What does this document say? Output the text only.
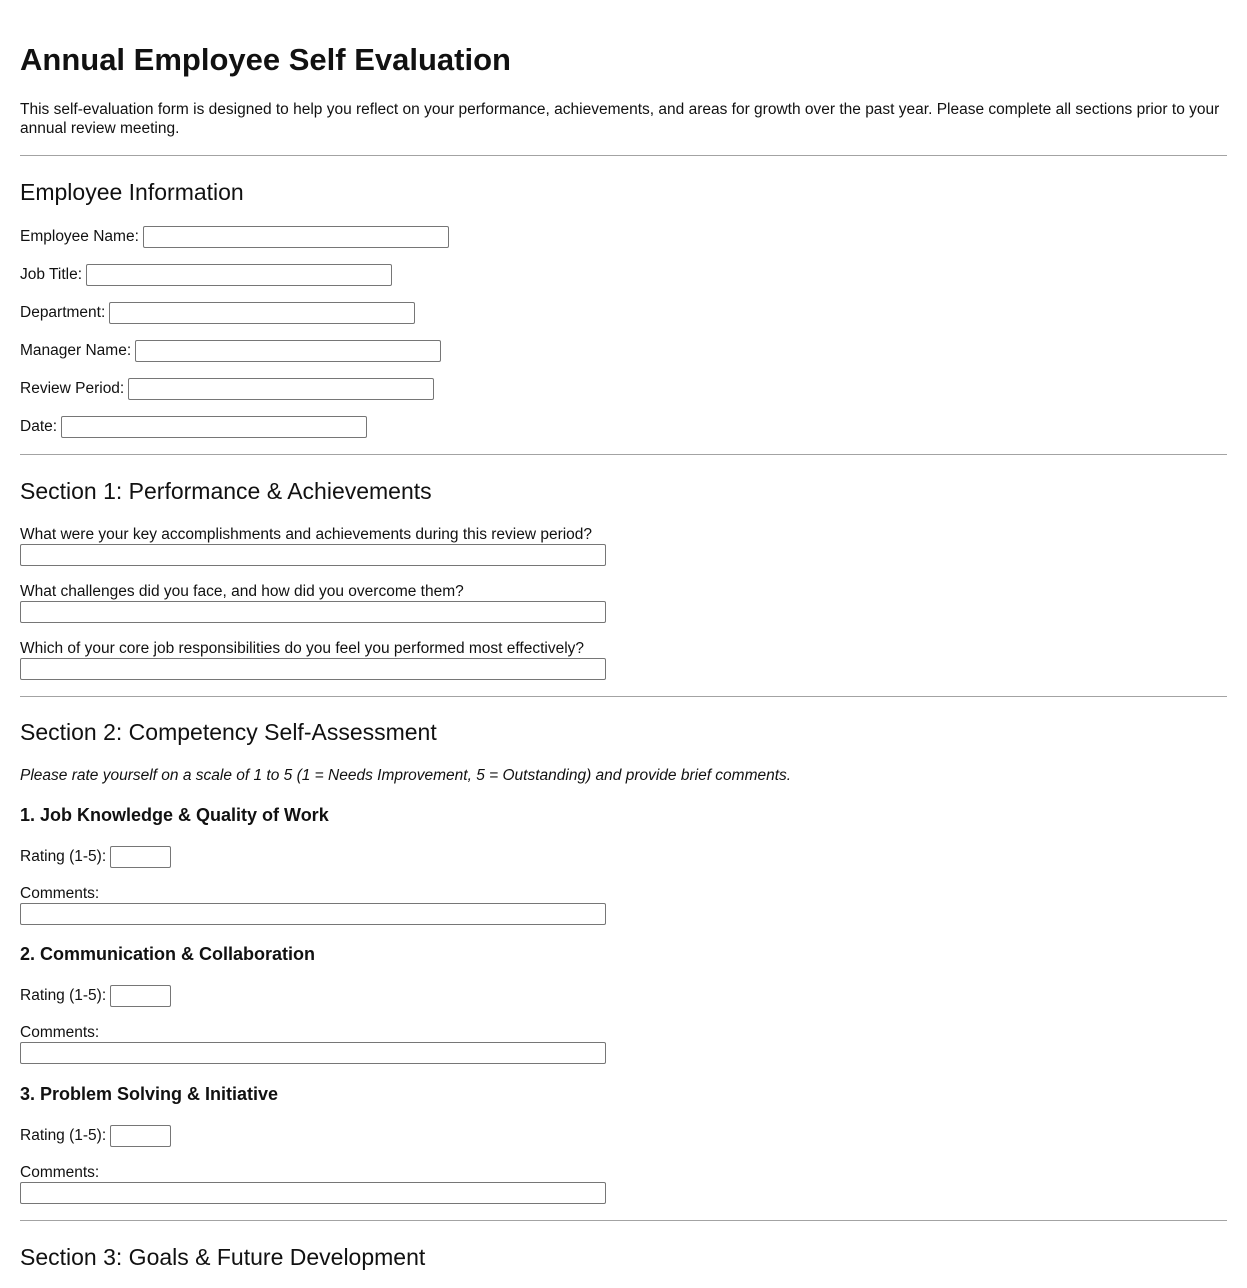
Annual Employee Self Evaluation

This self-evaluation form is designed to help you reflect on your performance, achievements, and areas for growth over the past year. Please complete all sections prior to your annual review meeting.

Employee Information
Employee Name:
Job Title:
Department:
Manager Name:
Review Period:
Date:
Section 1: Performance & Achievements
What were your key accomplishments and achievements during this review period?
What challenges did you face, and how did you overcome them?
Which of your core job responsibilities do you feel you performed most effectively?
Section 2: Competency Self-Assessment

Please rate yourself on a scale of 1 to 5 (1 = Needs Improvement, 5 = Outstanding) and provide brief comments.

1. Job Knowledge & Quality of Work
Rating (1-5):
Comments:
2. Communication & Collaboration
Rating (1-5):
Comments:
3. Problem Solving & Initiative
Rating (1-5):
Comments:
Section 3: Goals & Future Development
